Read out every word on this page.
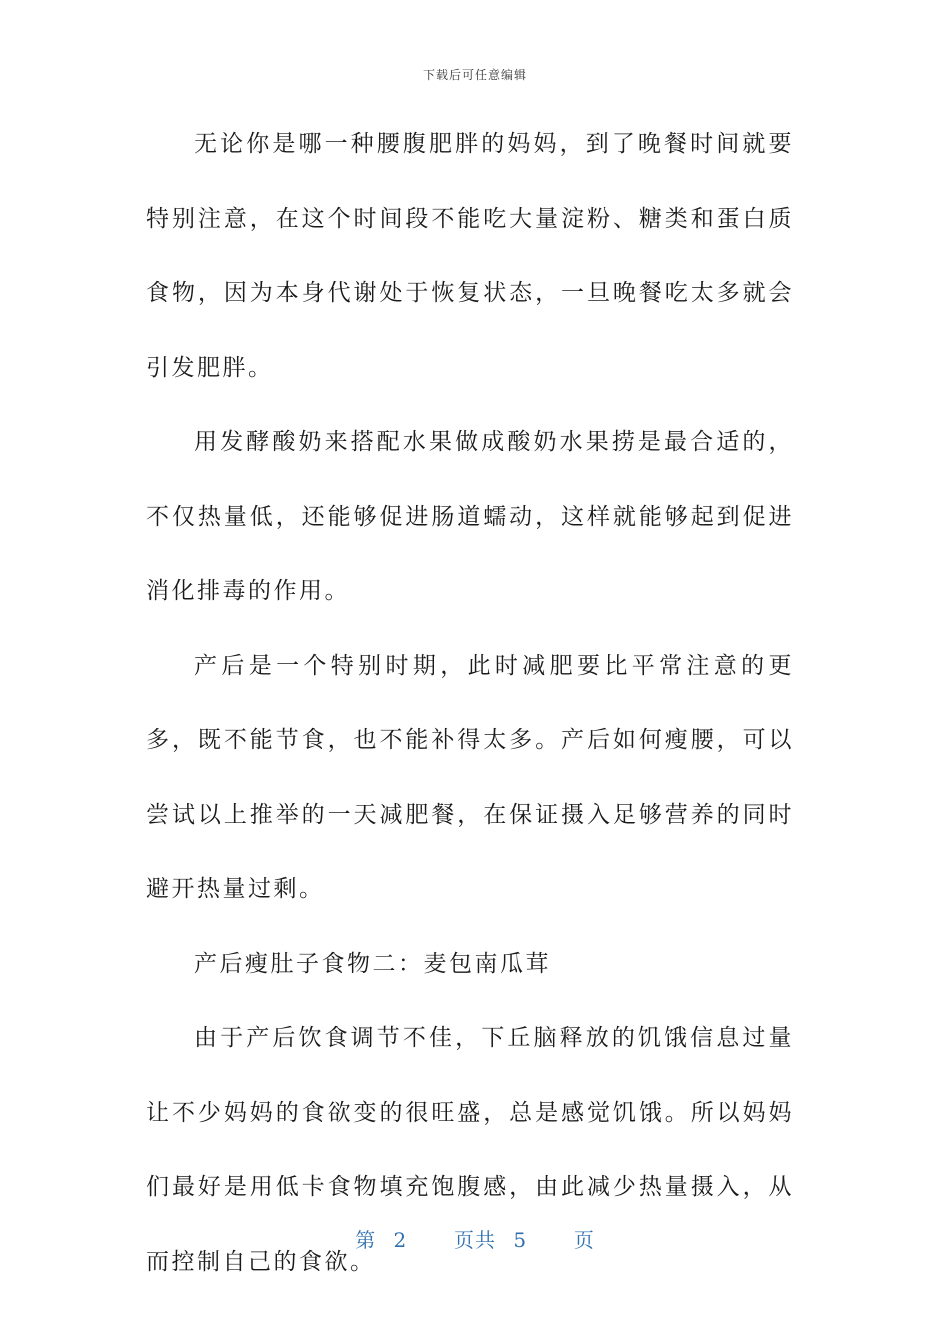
下载后可任意编辑

无论你是哪一种腰腹肥胖的妈妈，到了晚餐时间就要特别注意，在这个时间段不能吃大量淀粉、糖类和蛋白质食物，因为本身代谢处于恢复状态，一旦晚餐吃太多就会引发肥胖。

用发酵酸奶来搭配水果做成酸奶水果捞是最合适的，不仅热量低，还能够促进肠道蠕动，这样就能够起到促进消化排毒的作用。

产后是一个特别时期，此时减肥要比平常注意的更多，既不能节食，也不能补得太多。产后如何瘦腰，可以尝试以上推举的一天减肥餐，在保证摄入足够营养的同时避开热量过剩。

产后瘦肚子食物二：麦包南瓜茸

由于产后饮食调节不佳，下丘脑释放的饥饿信息过量让不少妈妈的食欲变的很旺盛，总是感觉饥饿。所以妈妈们最好是用低卡食物填充饱腹感，由此减少热量摄入，从而控制自己的食欲。

第 2 页共 5 页
